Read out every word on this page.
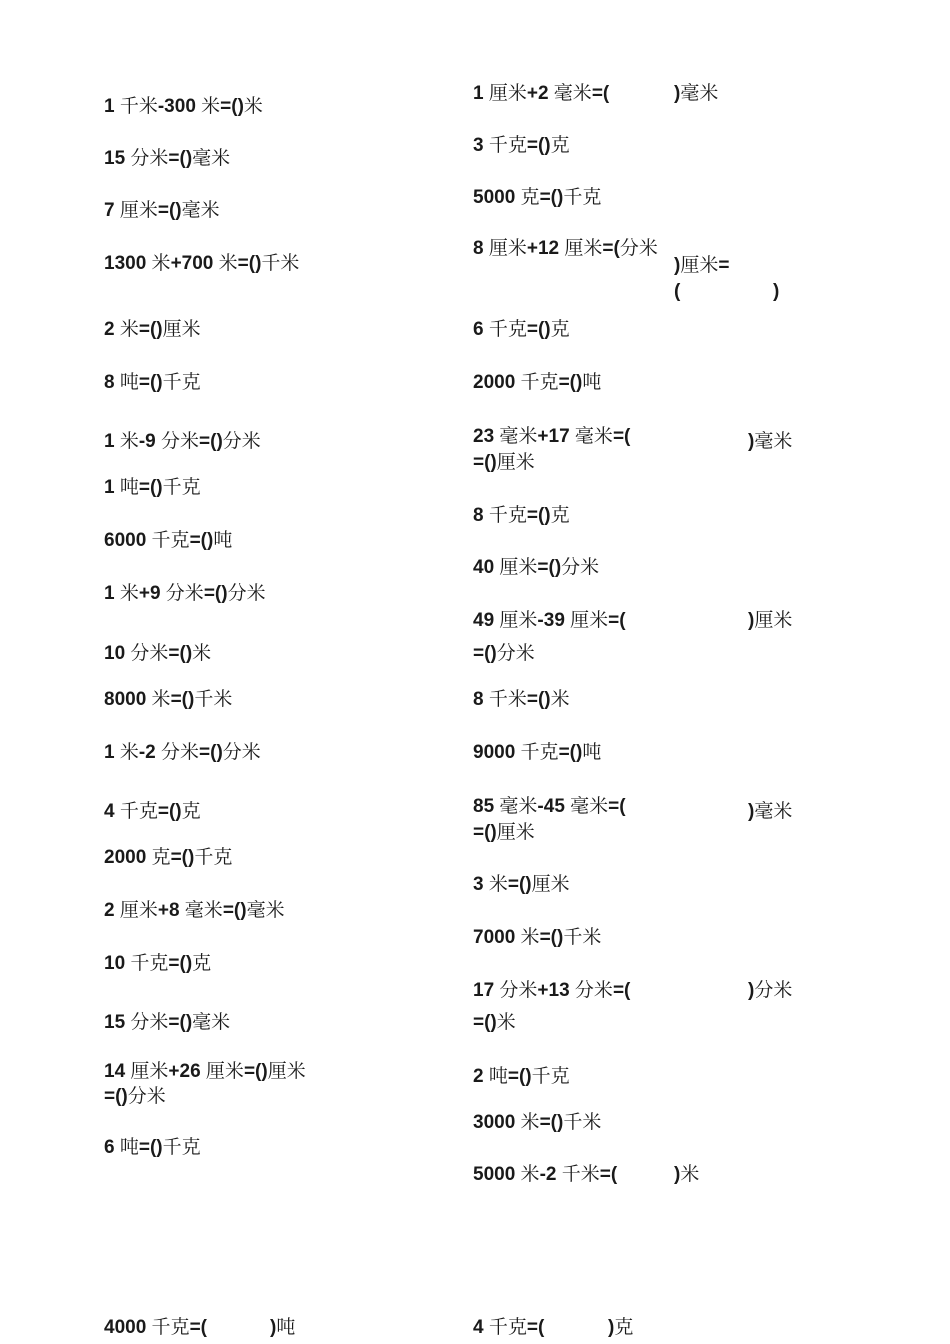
1 千米-300 米=()米
15 分米=()毫米
7 厘米=()毫米
1300 米+700 米=()千米
2 米=()厘米
8 吨=()千克
1 米-9 分米=()分米
1 吨=()千克
6000 千克=()吨
1 米+9 分米=()分米
10 分米=()米
8000 米=()千米
1 米-2 分米=()分米
4 千克=()克
2000 克=()千克
2 厘米+8 毫米=()毫米
10 千克=()克
15 分米=()毫米
14 厘米+26 厘米=()厘米
=()分米
6 吨=()千克
4000 千克=(	)吨
1 厘米+2 毫米=(	)毫米
3 千克=()克
5000 克=()千克
8 厘米+12 厘米=(分米
)厘米=
(	)
6 千克=()克
2000 千克=()吨
23 毫米+17 毫米=(	)毫米
=()厘米
8 千克=()克
40 厘米=()分米
49 厘米-39 厘米=(	)厘米
=()分米
8 千米=()米
9000 千克=()吨
85 毫米-45 毫米=(	)毫米
=()厘米
3 米=()厘米
7000 米=()千米
17 分米+13 分米=(	)分米
=()米
2 吨=()千克
3000 米=()千米
5000 米-2 千米=(	)米
4 千克=(	)克
